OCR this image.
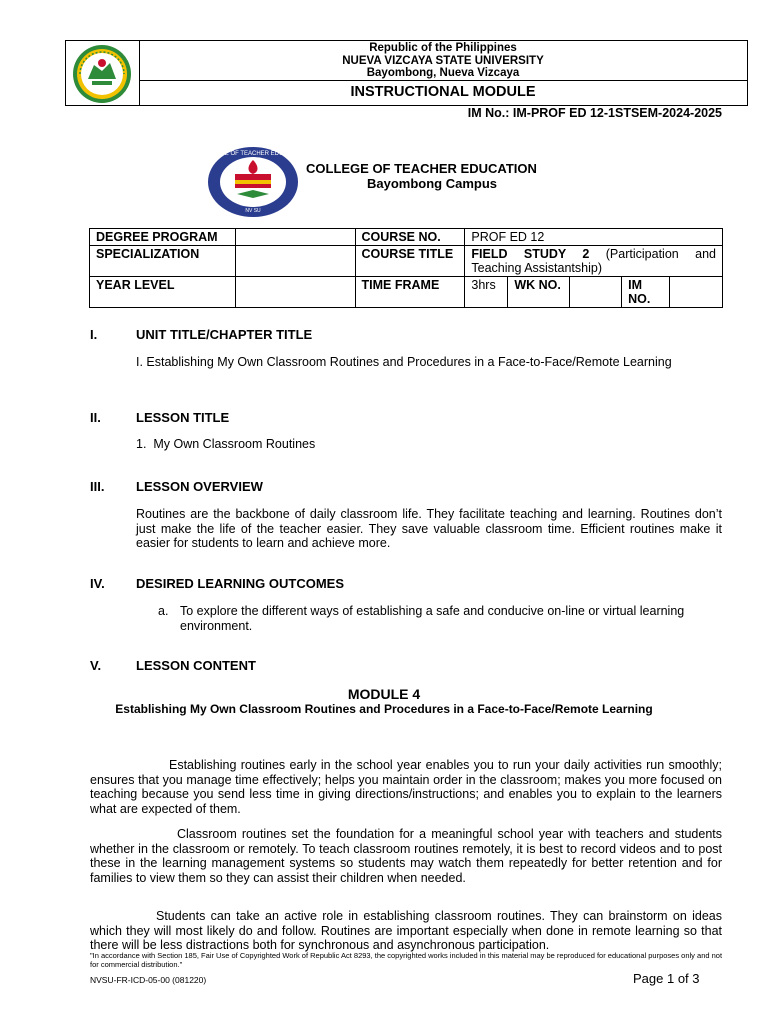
Republic of the Philippines
NUEVA VIZCAYA STATE UNIVERSITY
Bayombong, Nueva Vizcaya
INSTRUCTIONAL MODULE
IM No.: IM-PROF ED 12-1STSEM-2024-2025
COLLEGE OF TEACHER EDUCATION
NV SU
COLLEGE OF TEACHER EDUCATION
Bayombong Campus
DEGREE PROGRAM		COURSE NO.	PROF ED 12				
SPECIALIZATION		COURSE TITLE	FIELD STUDY 2 (Participation and Teaching Assistantship)				
YEAR LEVEL		TIME FRAME	3hrs	WK NO.		IM NO.	
I.	UNIT TITLE/CHAPTER TITLE
I. Establishing My Own Classroom Routines and Procedures in a Face-to-Face/Remote Learning
II.	LESSON TITLE
1.  My Own Classroom Routines
III. LESSON OVERVIEW
Routines are the backbone of daily classroom life. They facilitate teaching and learning. Routines don’t just make the life of the teacher easier. They save valuable classroom time. Efficient routines make it easier for students to learn and achieve more.
IV. DESIRED LEARNING OUTCOMES
a. To explore the different ways of establishing a safe and conducive on-line or virtual learning environment.
V.	LESSON CONTENT
MODULE 4
Establishing My Own Classroom Routines and Procedures in a Face-to-Face/Remote Learning
Establishing routines early in the school year enables you to run your daily activities run smoothly; ensures that you manage time effectively; helps you maintain order in the classroom; makes you more focused on teaching because you send less time in giving directions/instructions; and enables you to explain to the learners what are expected of them.
Classroom routines set the foundation for a meaningful school year with teachers and students whether in the classroom or remotely. To teach classroom routines remotely, it is best to record videos and to post these in the learning management systems so students may watch them repeatedly for better retention and for families to view them so they can assist their children when needed.
Students can take an active role in establishing classroom routines. They can brainstorm on ideas which they will most likely do and follow. Routines are important especially when done in remote learning so that there will be less distractions both for synchronous and asynchronous participation.
"In accordance with Section 185, Fair Use of Copyrighted Work of Republic Act 8293, the copyrighted works included in this material may be reproduced for educational purposes only and not for commercial distribution."
NVSU-FR-ICD-05-00 (081220)	Page 1 of 3
